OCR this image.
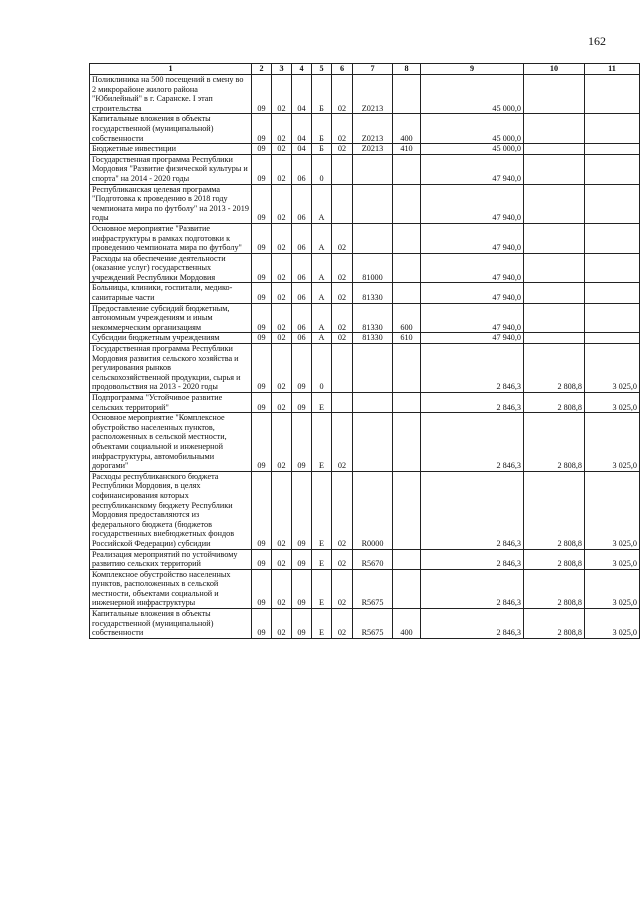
162
1	2	3	4	5	6	7	8	9	10	11
Поликлиника на 500 посещений в смену во 2 микрорайоне жилого района "Юбилейный" в г. Саранске. I этап строительства	09	02	04	Б	02	Z0213		45 000,0		
Капитальные вложения в объекты государственной (муниципальной) собственности	09	02	04	Б	02	Z0213	400	45 000,0		
Бюджетные инвестиции	09	02	04	Б	02	Z0213	410	45 000,0		
Государственная программа Республики Мордовия "Развитие физической культуры и спорта" на 2014 - 2020 годы	09	02	06	0				47 940,0		
Республиканская целевая программа "Подготовка к проведению в 2018 году чемпионата мира по футболу" на 2013 - 2019 годы	09	02	06	А				47 940,0		
Основное мероприятие "Развитие инфраструктуры в рамках подготовки к проведению чемпионата мира по футболу"	09	02	06	А	02			47 940,0		
Расходы на обеспечение деятельности (оказание услуг) государственных учреждений Республики Мордовия	09	02	06	А	02	81000		47 940,0		
Больницы, клиники, госпитали, медико-санитарные части	09	02	06	А	02	81330		47 940,0		
Предоставление субсидий бюджетным, автономным учреждениям и иным некоммерческим организациям	09	02	06	А	02	81330	600	47 940,0		
Субсидии бюджетным учреждениям	09	02	06	А	02	81330	610	47 940,0		
Государственная программа Республики Мордовия развития сельского хозяйства и регулирования рынков сельскохозяйственной продукции, сырья и продовольствия на 2013 - 2020 годы	09	02	09	0				2 846,3	2 808,8	3 025,0
Подпрограмма "Устойчивое развитие сельских территорий"	09	02	09	Е				2 846,3	2 808,8	3 025,0
Основное мероприятие "Комплексное обустройство населенных пунктов, расположенных в сельской местности, объектами социальной и инженерной инфраструктуры, автомобильными дорогами"	09	02	09	Е	02			2 846,3	2 808,8	3 025,0
Расходы республиканского бюджета Республики Мордовия, в целях софинансирования которых республиканскому бюджету Республики Мордовия предоставляются из федерального бюджета (бюджетов государственных внебюджетных фондов Российской Федерации) субсидии	09	02	09	Е	02	R0000		2 846,3	2 808,8	3 025,0
Реализация мероприятий по устойчивому развитию сельских территорий	09	02	09	Е	02	R5670		2 846,3	2 808,8	3 025,0
Комплексное обустройство населенных пунктов, расположенных в сельской местности, объектами социальной и инженерной инфраструктуры	09	02	09	Е	02	R5675		2 846,3	2 808,8	3 025,0
Капитальные вложения в объекты государственной (муниципальной) собственности	09	02	09	Е	02	R5675	400	2 846,3	2 808,8	3 025,0
